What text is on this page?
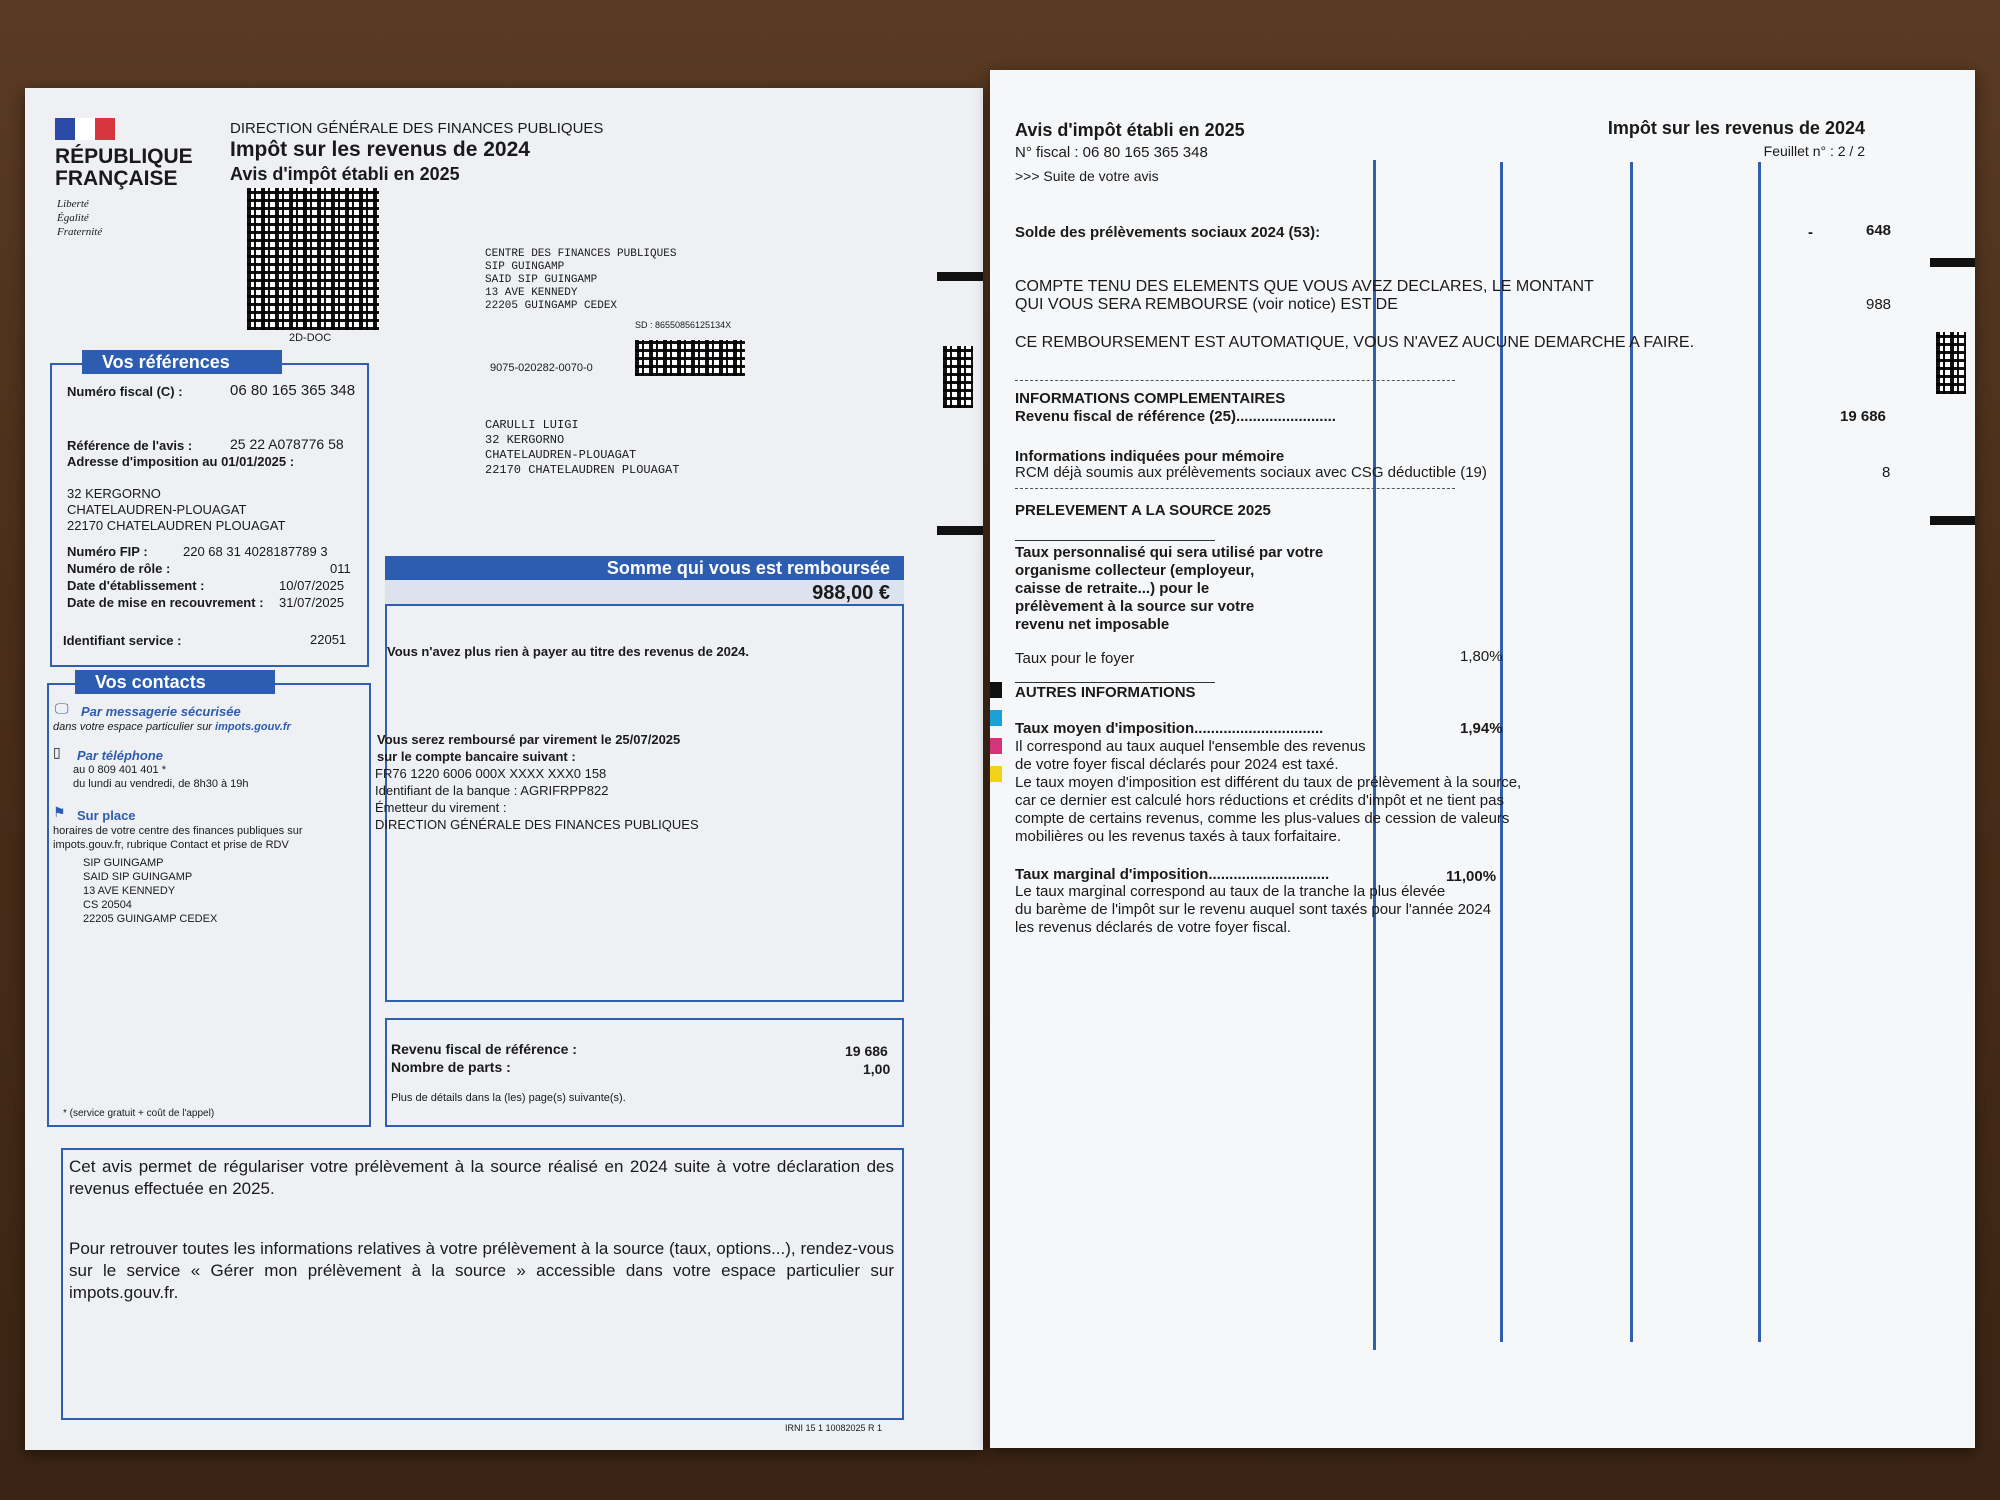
RÉPUBLIQUE
FRANÇAISE
Liberté
Égalité
Fraternité
DIRECTION GÉNÉRALE DES FINANCES PUBLIQUES
Impôt sur les revenus de 2024
Avis d'impôt établi en 2025
2D-DOC
CENTRE DES FINANCES PUBLIQUES
SIP GUINGAMP
SAID SIP GUINGAMP
13 AVE KENNEDY
22205 GUINGAMP CEDEX
SD : 86550856125134X
9075-020282-0070-0
CARULLI LUIGI
32 KERGORNO
CHATELAUDREN-PLOUAGAT
22170 CHATELAUDREN PLOUAGAT
Vos références
Numéro fiscal (C) :	06 80 165 365 348
Référence de l'avis :	25 22 A078776 58
Adresse d'imposition au 01/01/2025 :
32 KERGORNO
CHATELAUDREN-PLOUAGAT
22170 CHATELAUDREN PLOUAGAT
Numéro FIP :	220 68 31 4028187789 3
Numéro de rôle :	011
Date d'établissement :	10/07/2025
Date de mise en recouvrement : 31/07/2025
Identifiant service :	22051
Vos contacts
🖵 Par messagerie sécurisée
dans votre espace particulier sur impots.gouv.fr
▯ Par téléphone
au 0 809 401 401 *
du lundi au vendredi, de 8h30 à 19h
⚑ Sur place
horaires de votre centre des finances publiques sur
impots.gouv.fr, rubrique Contact et prise de RDV
SIP GUINGAMP
SAID SIP GUINGAMP
13 AVE KENNEDY
CS 20504
22205 GUINGAMP CEDEX
* (service gratuit + coût de l'appel)
Somme qui vous est remboursée
988,00 €
Vous n'avez plus rien à payer au titre des revenus de 2024.
Vous serez remboursé par virement le 25/07/2025
sur le compte bancaire suivant :
FR76 1220 6006 000X XXXX XXX0 158
Identifiant de la banque : AGRIFRPP822
Émetteur du virement :
DIRECTION GÉNÉRALE DES FINANCES PUBLIQUES
Revenu fiscal de référence :	19 686
Nombre de parts :	1,00
Plus de détails dans la (les) page(s) suivante(s).
Cet avis permet de régulariser votre prélèvement à la source réalisé en 2024 suite à votre déclaration des revenus effectuée en 2025.
Pour retrouver toutes les informations relatives à votre prélèvement à la source (taux, options...), rendez-vous sur le service « Gérer mon prélèvement à la source » accessible dans votre espace particulier sur impots.gouv.fr.
IRNI 15 1 10082025 R 1
Avis d'impôt établi en 2025	Impôt sur les revenus de 2024
N° fiscal : 06 80 165 365 348	Feuillet n° : 2 / 2
>>> Suite de votre avis
Solde des prélèvements sociaux 2024 (53):	-	648
COMPTE TENU DES ELEMENTS QUE VOUS AVEZ DECLARES, LE MONTANT
QUI VOUS SERA REMBOURSE (voir notice) EST DE	988
CE REMBOURSEMENT EST AUTOMATIQUE, VOUS N'AVEZ AUCUNE DEMARCHE A FAIRE.
INFORMATIONS COMPLEMENTAIRES
Revenu fiscal de référence (25)........................	19 686
Informations indiquées pour mémoire
RCM déjà soumis aux prélèvements sociaux avec CSG déductible (19)	8
PRELEVEMENT A LA SOURCE 2025
Taux personnalisé qui sera utilisé par votre
organisme collecteur (employeur,
caisse de retraite...) pour le
prélèvement à la source sur votre
revenu net imposable
Taux pour le foyer	1,80%
AUTRES INFORMATIONS
Taux moyen d'imposition...............................	1,94%
Il correspond au taux auquel l'ensemble des revenus
de votre foyer fiscal déclarés pour 2024 est taxé.
Le taux moyen d'imposition est différent du taux de prélèvement à la source,
car ce dernier est calculé hors réductions et crédits d'impôt et ne tient pas
compte de certains revenus, comme les plus-values de cession de valeurs
mobilières ou les revenus taxés à taux forfaitaire.
Taux marginal d'imposition.............................	11,00%
Le taux marginal correspond au taux de la tranche la plus élevée
du barème de l'impôt sur le revenu auquel sont taxés pour l'année 2024
les revenus déclarés de votre foyer fiscal.
